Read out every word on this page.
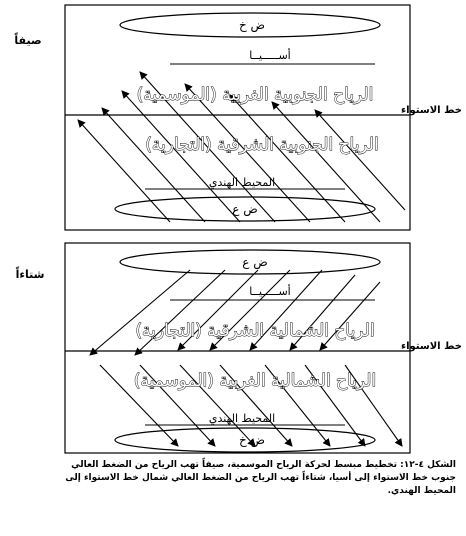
صيفاً
ض خ
أســـــيــا
الرياح الجنوبية الغربية (الموسمية)
خط الاستواء
الرياح الجنوبية الشرقية (التجارية)
المحيط الهندي
ض ع
شتاءاً
ض ع
أســـــيــا
الرياح الشمالية الشرقية (التجارية)
خط الاستواء
الرياح الشمالية الغربية (الموسمية)
المحيط الهندي
ض خ
الشكل ٤-١٢: تخطيط مبسط لحركة الرياح الموسمية، صيفاً تهب الرياح من الضغط العالي جنوب خط الاستواء إلى أسيا، شتاءاً تهب الرياح من الضغط العالي شمال خط الاستواء إلى المحيط الهندي.
